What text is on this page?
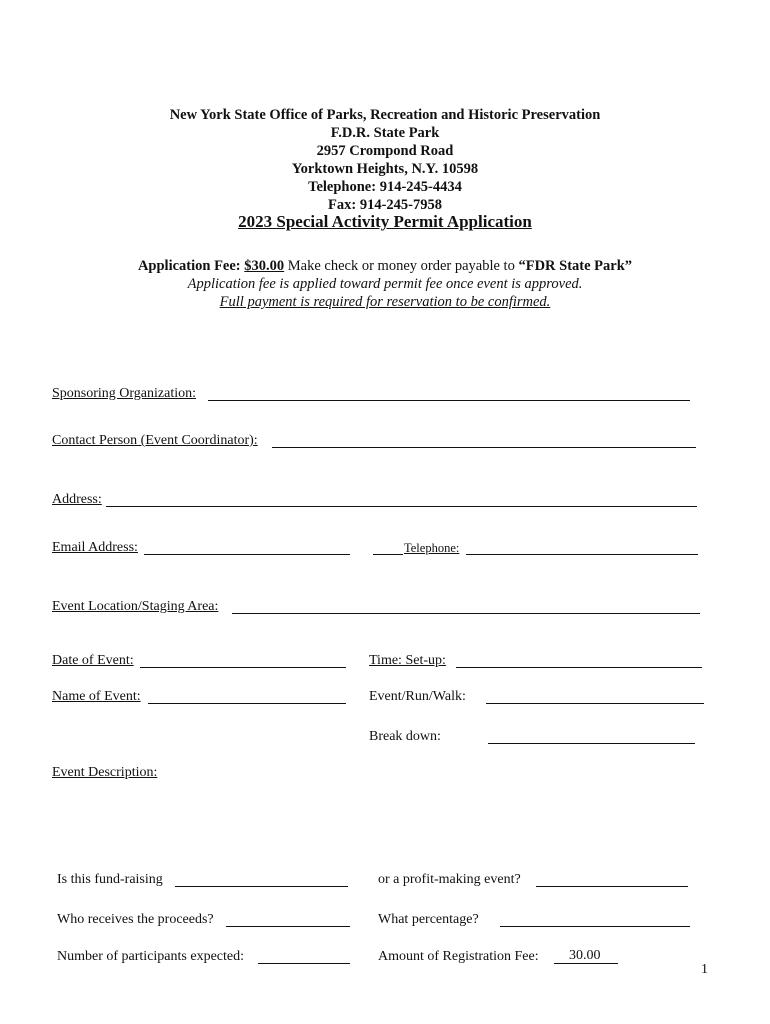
New York State Office of Parks, Recreation and Historic Preservation
F.D.R. State Park
2957 Crompond Road
Yorktown Heights, N.Y. 10598
Telephone: 914-245-4434
Fax: 914-245-7958
2023 Special Activity Permit Application
Application Fee: $30.00 Make check or money order payable to “FDR State Park”
Application fee is applied toward permit fee once event is approved.
Full payment is required for reservation to be confirmed.
Sponsoring Organization:
Contact Person (Event Coordinator):
Address:
Email Address:	Telephone:
Event Location/Staging Area:
Date of Event:	Time: Set-up:
Name of Event:	Event/Run/Walk:
Break down:
Event Description:
Is this fund-raising	or a profit-making event?
Who receives the proceeds?	What percentage?
Number of participants expected:	Amount of Registration Fee: 30.00
1
